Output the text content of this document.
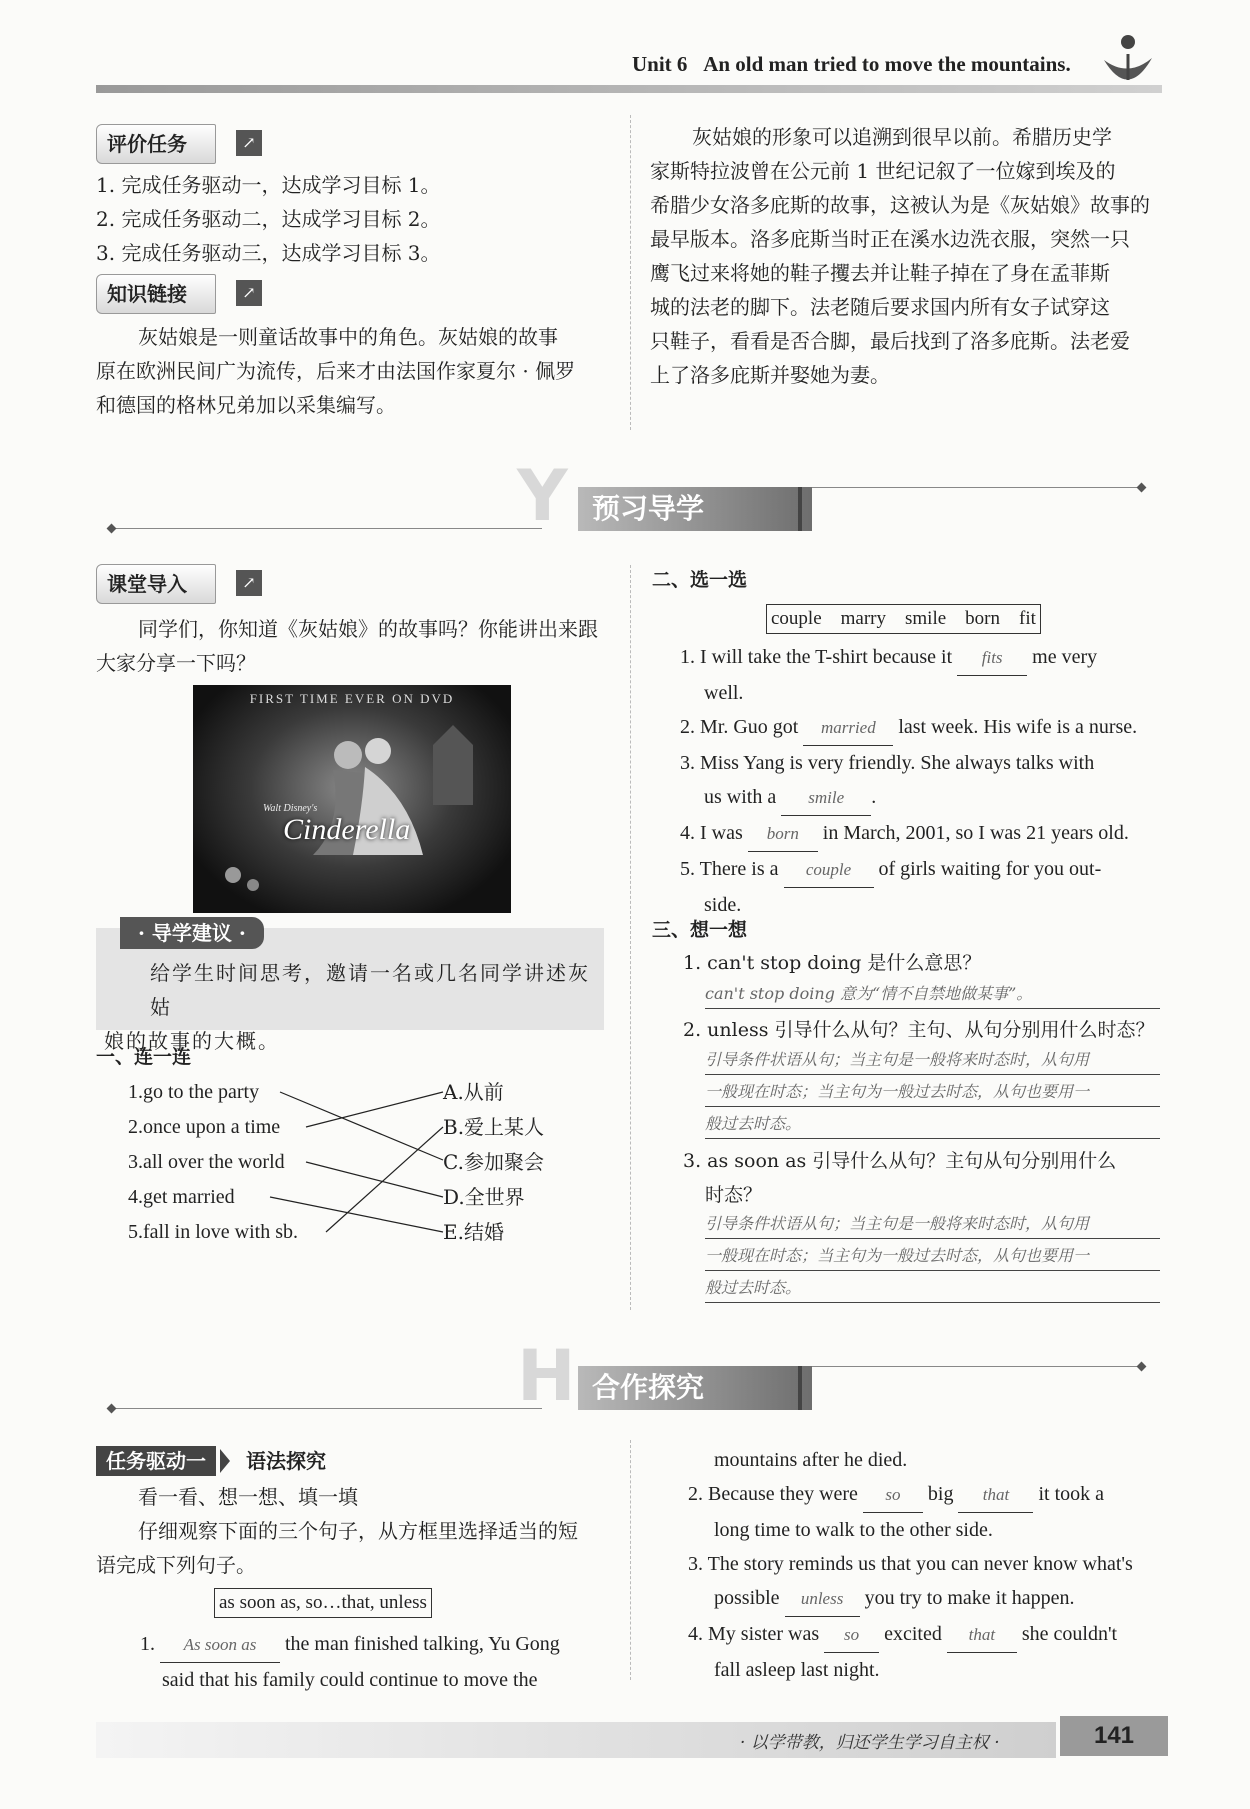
Unit 6 An old man tried to move the mountains.
评价任务	↗
1. 完成任务驱动一，达成学习目标 1。
2. 完成任务驱动二，达成学习目标 2。
3. 完成任务驱动三，达成学习目标 3。
知识链接	↗
灰姑娘是一则童话故事中的角色。灰姑娘的故事
原在欧洲民间广为流传，后来才由法国作家夏尔 · 佩罗
和德国的格林兄弟加以采集编写。
灰姑娘的形象可以追溯到很早以前。希腊历史学
家斯特拉波曾在公元前 1 世纪记叙了一位嫁到埃及的
希腊少女洛多庇斯的故事，这被认为是《灰姑娘》故事的
最早版本。洛多庇斯当时正在溪水边洗衣服，突然一只
鹰飞过来将她的鞋子攫去并让鞋子掉在了身在孟菲斯
城的法老的脚下。法老随后要求国内所有女子试穿这
只鞋子，看看是否合脚，最后找到了洛多庇斯。法老爱
上了洛多庇斯并娶她为妻。
Y 预习导学
课堂导入	↗
同学们，你知道《灰姑娘》的故事吗？你能讲出来跟
大家分享一下吗？
FIRST TIME EVER ON DVD
Walt Disney's
Cinderella
· 导学建议 ·
给学生时间思考，邀请一名或几名同学讲述灰姑
娘的故事的大概。
一、连一连
1.go to the party
2.once upon a time
3.all over the world
4.get married
5.fall in love with sb.
A.从前
B.爱上某人
C.参加聚会
D.全世界
E.结婚
二、选一选
couple    marry    smile    born    fit
1. I will take the T-shirt because it fits me very
well.
2. Mr. Guo got married last week. His wife is a nurse.
3. Miss Yang is very friendly. She always talks with
us with a smile .
4. I was born in March, 2001, so I was 21 years old.
5. There is a couple of girls waiting for you out-
side.
三、想一想
1. can't stop doing 是什么意思？
can't stop doing 意为“情不自禁地做某事”。
2. unless 引导什么从句？主句、从句分别用什么时态？
引导条件状语从句；当主句是一般将来时态时，从句用
一般现在时态；当主句为一般过去时态，从句也要用一
般过去时态。
3. as soon as 引导什么从句？主句从句分别用什么
时态？
引导条件状语从句；当主句是一般将来时态时，从句用
一般现在时态；当主句为一般过去时态，从句也要用一
般过去时态。
H 合作探究
任务驱动一	语法探究
看一看、想一想、填一填
仔细观察下面的三个句子，从方框里选择适当的短
语完成下列句子。
as soon as, so…that, unless
1. As soon as the man finished talking, Yu Gong
said that his family could continue to move the
mountains after he died.
2. Because they were so big that it took a
long time to walk to the other side.
3. The story reminds us that you can never know what's
possible unless you try to make it happen.
4. My sister was so excited that she couldn't
fall asleep last night.
· 以学带教，归还学生学习自主权 ·	141
